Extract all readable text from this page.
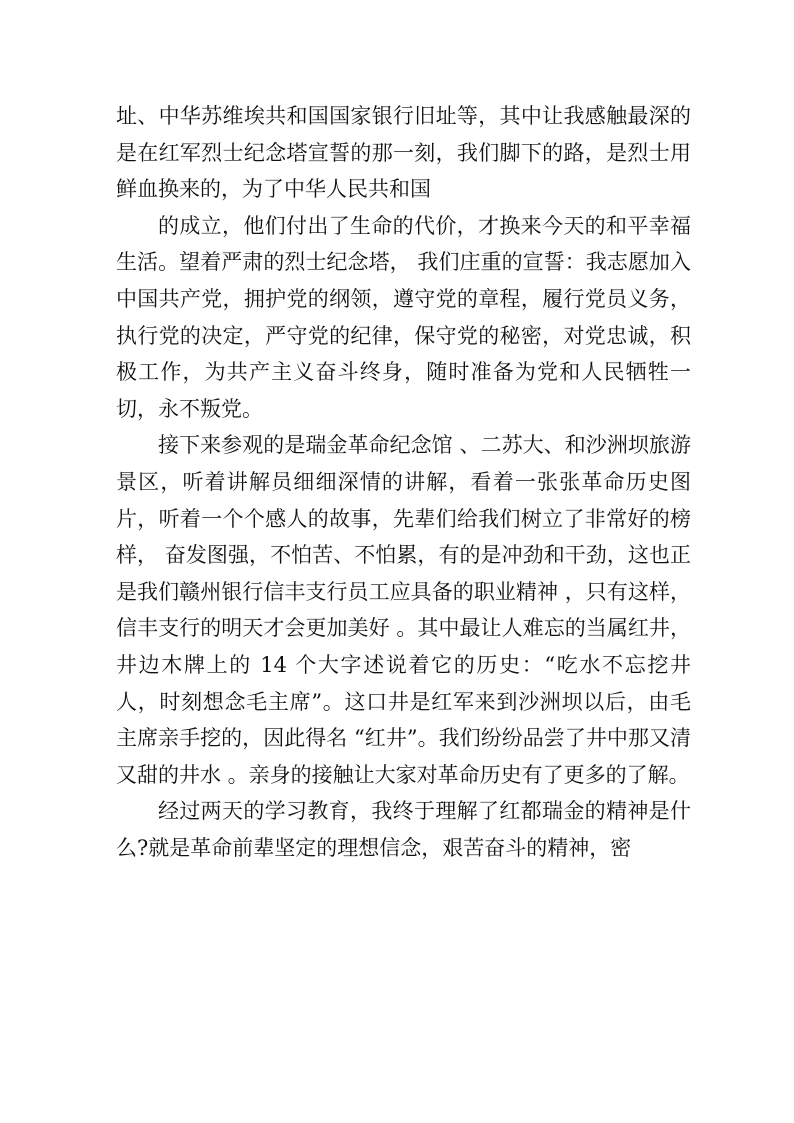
址、中华苏维埃共和国国家银行旧址等，其中让我感触最深的是在红军烈士纪念塔宣誓的那一刻，我们脚下的路，是烈士用鲜血换来的，为了中华人民共和国

的成立，他们付出了生命的代价，才换来今天的和平幸福生活。望着严肃的烈士纪念塔， 我们庄重的宣誓：我志愿加入中国共产党，拥护党的纲领，遵守党的章程，履行党员义务，执行党的决定，严守党的纪律，保守党的秘密，对党忠诚，积极工作，为共产主义奋斗终身，随时准备为党和人民牺牲一切，永不叛党。

接下来参观的是瑞金革命纪念馆 、二苏大、和沙洲坝旅游景区，听着讲解员细细深情的讲解，看着一张张革命历史图片，听着一个个感人的故事，先辈们给我们树立了非常好的榜样， 奋发图强，不怕苦、不怕累，有的是冲劲和干劲，这也正是我们赣州银行信丰支行员工应具备的职业精神 ，只有这样，信丰支行的明天才会更加美好 。其中最让人难忘的当属红井，井边木牌上的 14 个大字述说着它的历史：“吃水不忘挖井人，时刻想念毛主席”。这口井是红军来到沙洲坝以后，由毛主席亲手挖的，因此得名 “红井”。我们纷纷品尝了井中那又清又甜的井水 。亲身的接触让大家对革命历史有了更多的了解。

经过两天的学习教育，我终于理解了红都瑞金的精神是什么?就是革命前辈坚定的理想信念，艰苦奋斗的精神，密
